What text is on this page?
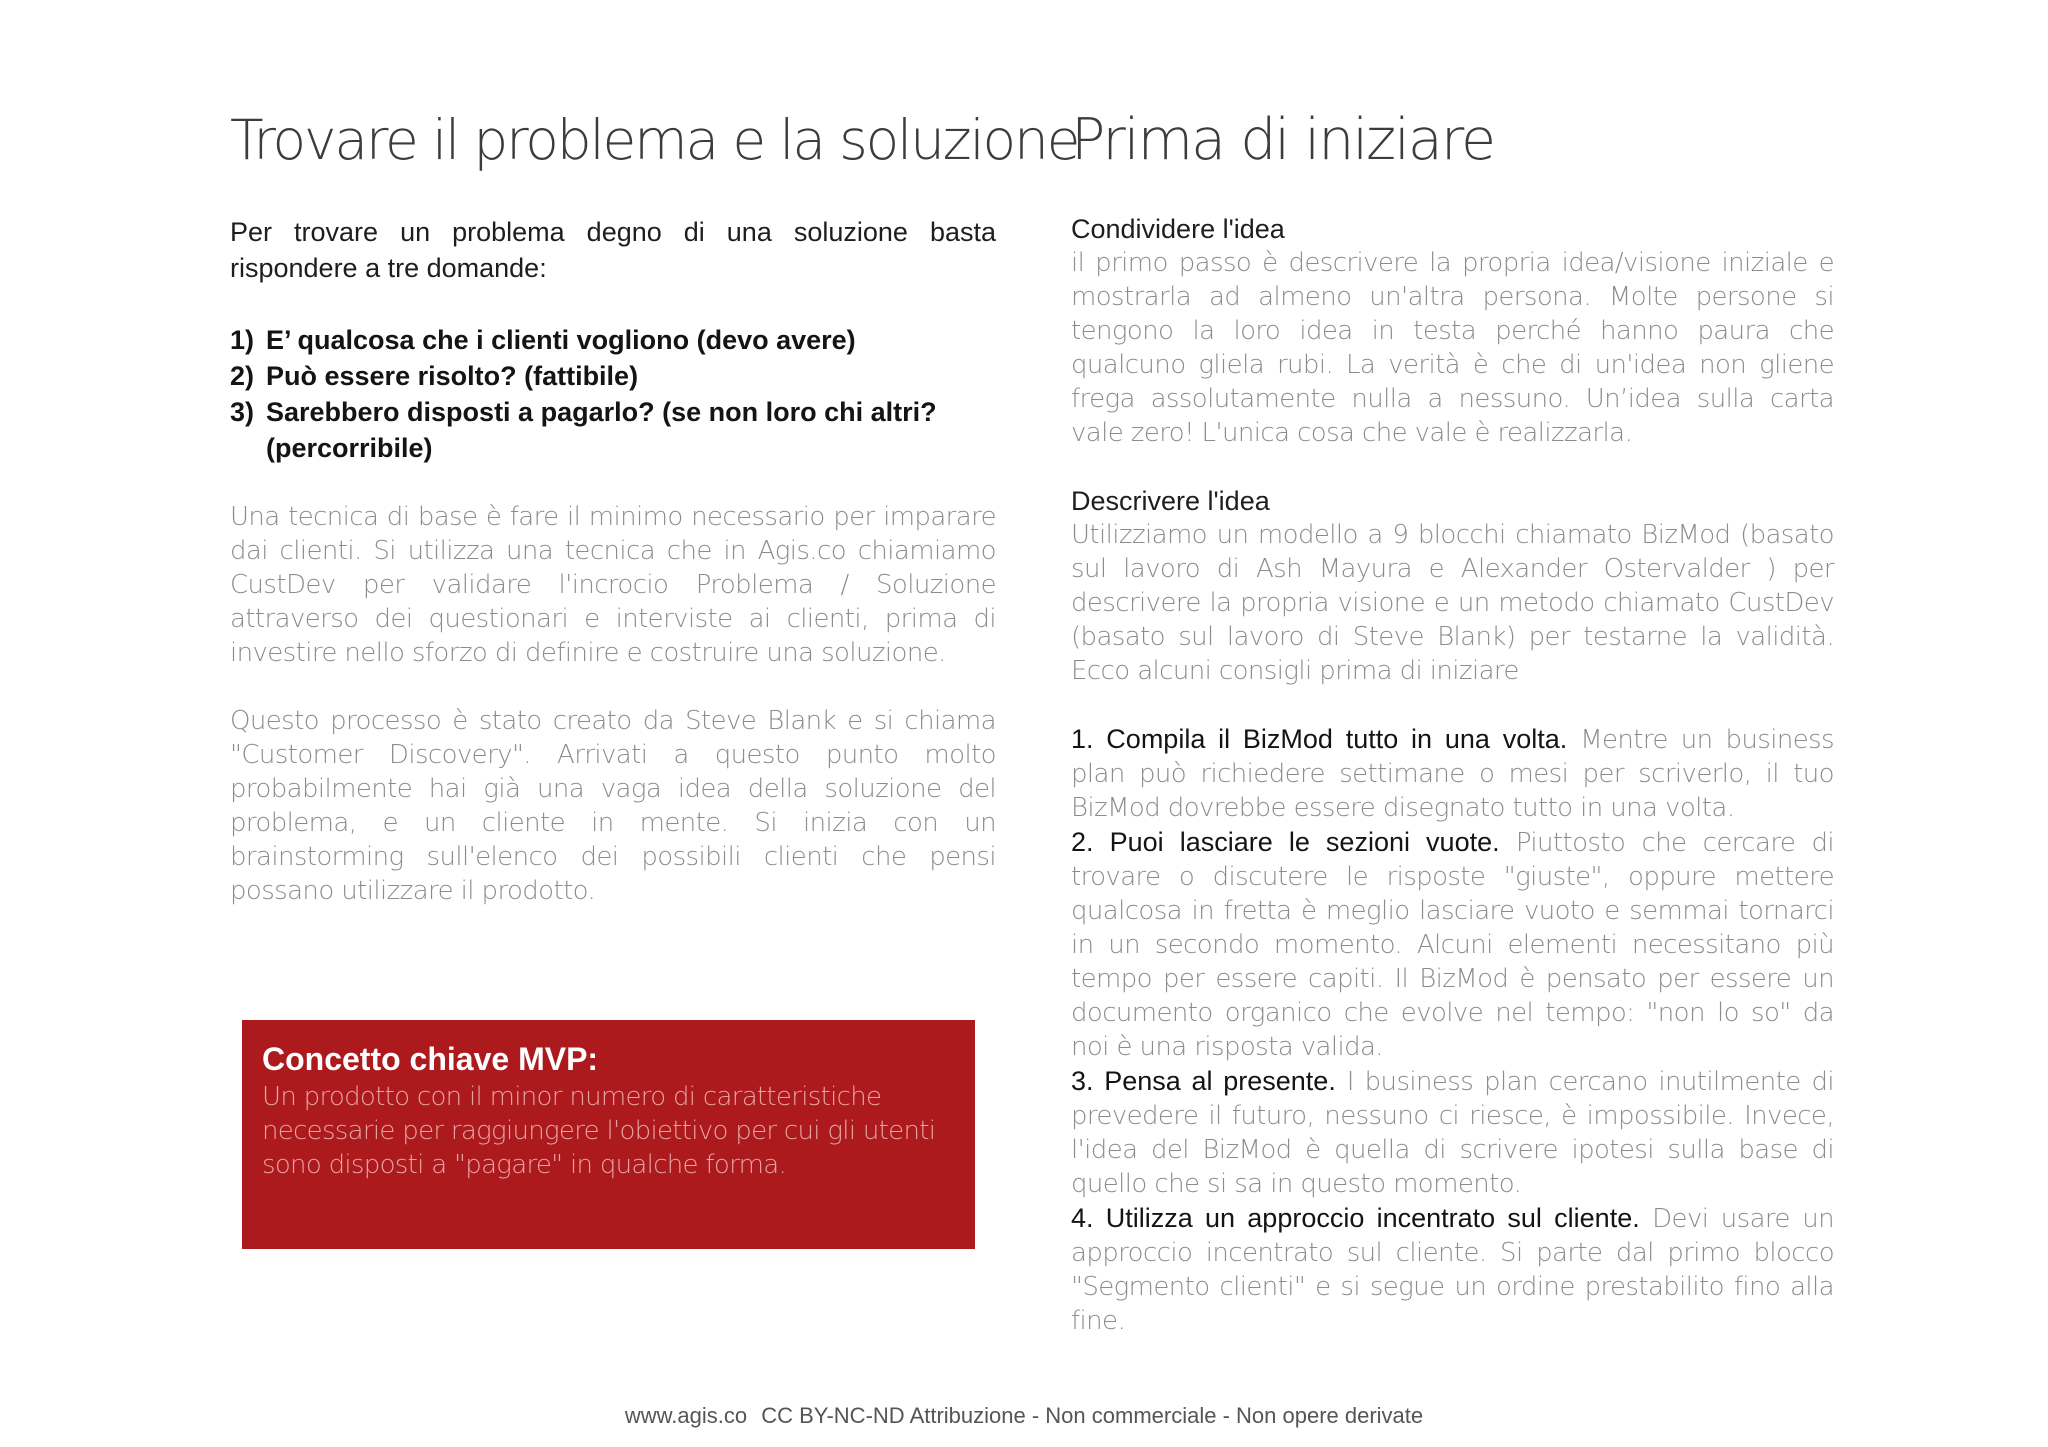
Trovare il problema e la soluzione

Per trovare un problema degno di una soluzione basta rispondere a tre domande:

1) E’ qualcosa che i clienti vogliono (devo avere)
2) Può essere risolto? (fattibile)
3) Sarebbero disposti a pagarlo? (se non loro chi altri? (percorribile)

Una tecnica di base è fare il minimo necessario per imparare dai clienti. Si utilizza una tecnica che in Agis.co chiamiamo CustDev per validare l'incrocio Problema / Soluzione attraverso dei questionari e interviste ai clienti, prima di investire nello sforzo di definire e costruire una soluzione.

Questo processo è stato creato da Steve Blank e si chiama "Customer Discovery". Arrivati a questo punto molto probabilmente hai già una vaga idea della soluzione del problema, e un cliente in mente. Si inizia con un brainstorming sull'elenco dei possibili clienti che pensi possano utilizzare il prodotto.

Concetto chiave MVP:

Un prodotto con il minor numero di caratteristiche necessarie per raggiungere l'obiettivo per cui gli utenti sono disposti a "pagare" in qualche forma.

Prima di iniziare
Condividere l'idea

il primo passo è descrivere la propria idea/visione iniziale e mostrarla ad almeno un'altra persona. Molte persone si tengono la loro idea in testa perché hanno paura che qualcuno gliela rubi. La verità è che di un'idea non gliene frega assolutamente nulla a nessuno. Un’idea sulla carta vale zero! L'unica cosa che vale è realizzarla.

Descrivere l'idea

Utilizziamo un modello a 9 blocchi chiamato BizMod (basato sul lavoro di Ash Mayura e Alexander Ostervalder ) per descrivere la propria visione e un metodo chiamato CustDev (basato sul lavoro di Steve Blank) per testarne la validità. Ecco alcuni consigli prima di iniziare

1. Compila il BizMod tutto in una volta. Mentre un business plan può richiedere settimane o mesi per scriverlo, il tuo BizMod dovrebbe essere disegnato tutto in una volta.

2. Puoi lasciare le sezioni vuote. Piuttosto che cercare di trovare o discutere le risposte "giuste", oppure mettere qualcosa in fretta è meglio lasciare vuoto e semmai tornarci in un secondo momento. Alcuni elementi necessitano più tempo per essere capiti. Il BizMod è pensato per essere un documento organico che evolve nel tempo: "non lo so" da noi è una risposta valida.

3. Pensa al presente. I business plan cercano inutilmente di prevedere il futuro, nessuno ci riesce, è impossibile. Invece, l'idea del BizMod è quella di scrivere ipotesi sulla base di quello che si sa in questo momento.

4. Utilizza un approccio incentrato sul cliente. Devi usare un approccio incentrato sul cliente. Si parte dal primo blocco "Segmento clienti" e si segue un ordine prestabilito fino alla fine.

www.agis.co CC BY-NC-ND Attribuzione - Non commerciale - Non opere derivate
